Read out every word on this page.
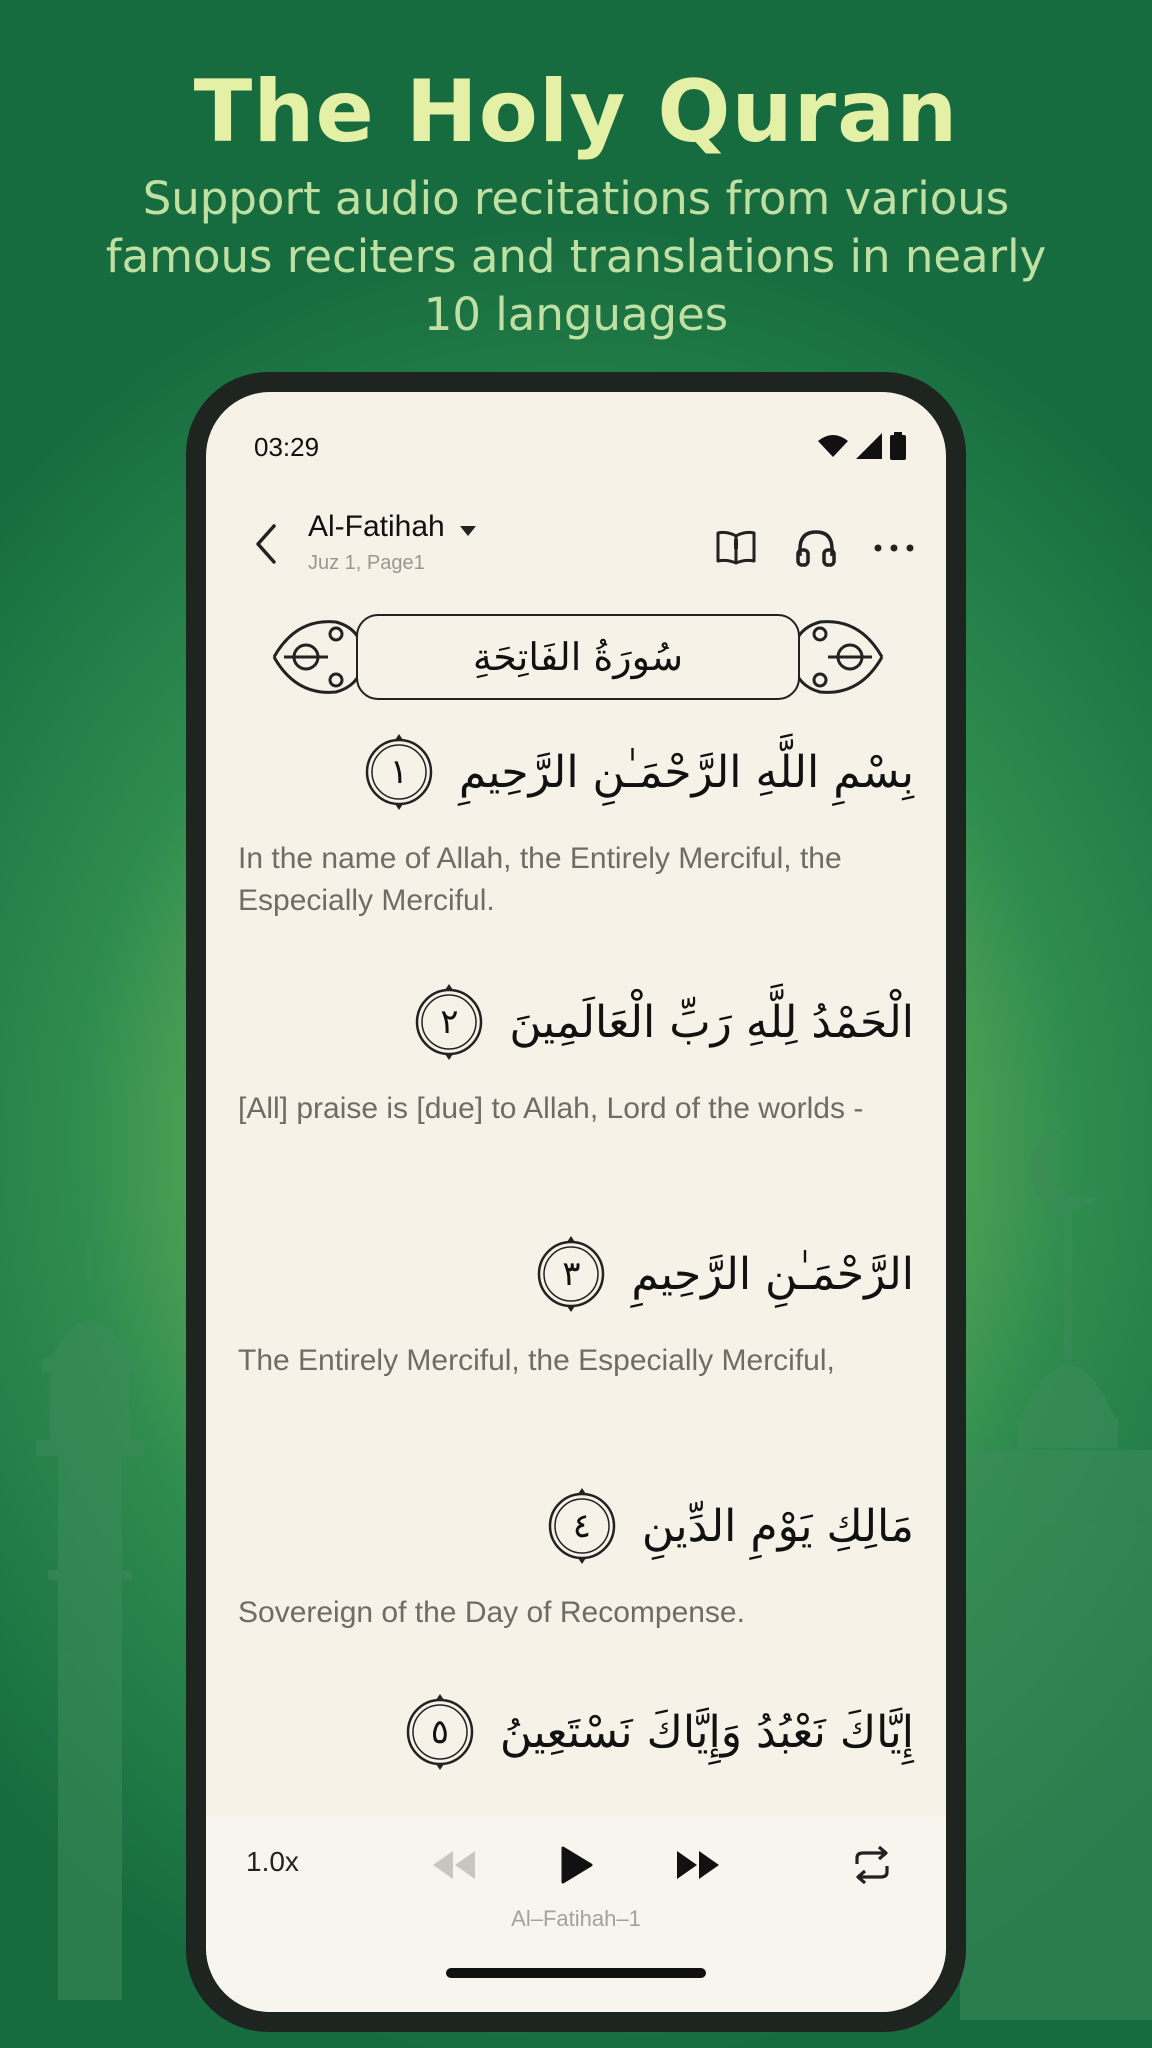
The Holy Quran
Support audio recitations from various famous reciters and translations in nearly 10 languages
03:29
Al-Fatihah
Juz 1, Page1
سُورَةُ الفَاتِحَةِ
١ بِسْمِ اللَّهِ الرَّحْمَـٰنِ الرَّحِيمِ
In the name of Allah, the Entirely Merciful, the Especially Merciful.
٢ الْحَمْدُ لِلَّهِ رَبِّ الْعَالَمِينَ
[All] praise is [due] to Allah, Lord of the worlds -
٣ الرَّحْمَـٰنِ الرَّحِيمِ
The Entirely Merciful, the Especially Merciful,
٤ مَالِكِ يَوْمِ الدِّينِ
Sovereign of the Day of Recompense.
٥ إِيَّاكَ نَعْبُدُ وَإِيَّاكَ نَسْتَعِينُ
1.0x
Al–Fatihah–1
